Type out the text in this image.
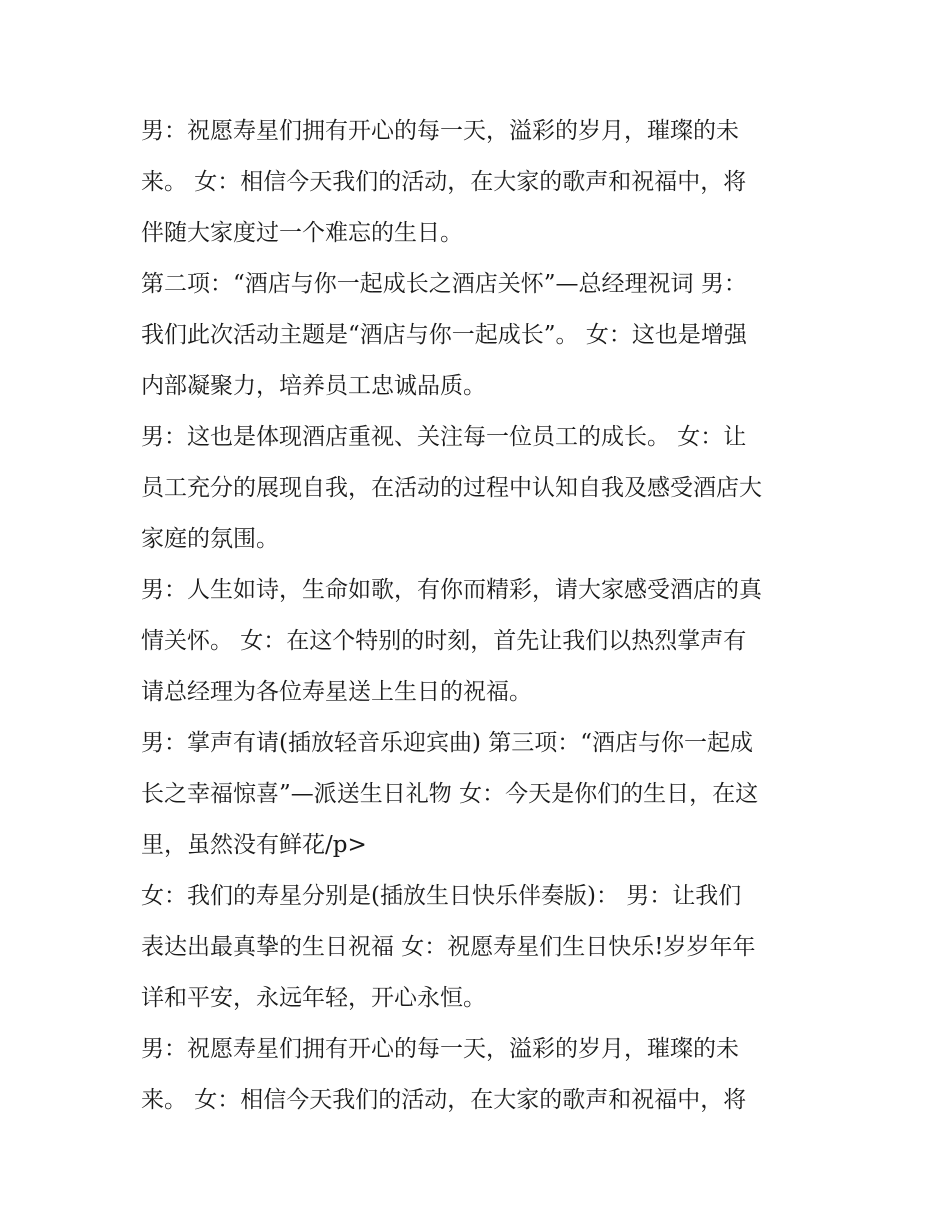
男：祝愿寿星们拥有开心的每一天，溢彩的岁月，璀璨的未

来。 女：相信今天我们的活动，在大家的歌声和祝福中，将

伴随大家度过一个难忘的生日。

第二项：“酒店与你一起成长之酒店关怀”—总经理祝词 男：

我们此次活动主题是“酒店与你一起成长”。 女：这也是增强

内部凝聚力，培养员工忠诚品质。

男：这也是体现酒店重视、关注每一位员工的成长。 女：让

员工充分的展现自我，在活动的过程中认知自我及感受酒店大

家庭的氛围。

男：人生如诗，生命如歌，有你而精彩，请大家感受酒店的真

情关怀。 女：在这个特别的时刻，首先让我们以热烈掌声有

请总经理为各位寿星送上生日的祝福。

男：掌声有请(插放轻音乐迎宾曲) 第三项：“酒店与你一起成

长之幸福惊喜”—派送生日礼物 女：今天是你们的生日，在这

里，虽然没有鲜花/p>

女：我们的寿星分别是(插放生日快乐伴奏版)： 男：让我们

表达出最真挚的生日祝福 女：祝愿寿星们生日快乐!岁岁年年

详和平安，永远年轻，开心永恒。

男：祝愿寿星们拥有开心的每一天，溢彩的岁月，璀璨的未

来。 女：相信今天我们的活动，在大家的歌声和祝福中，将
